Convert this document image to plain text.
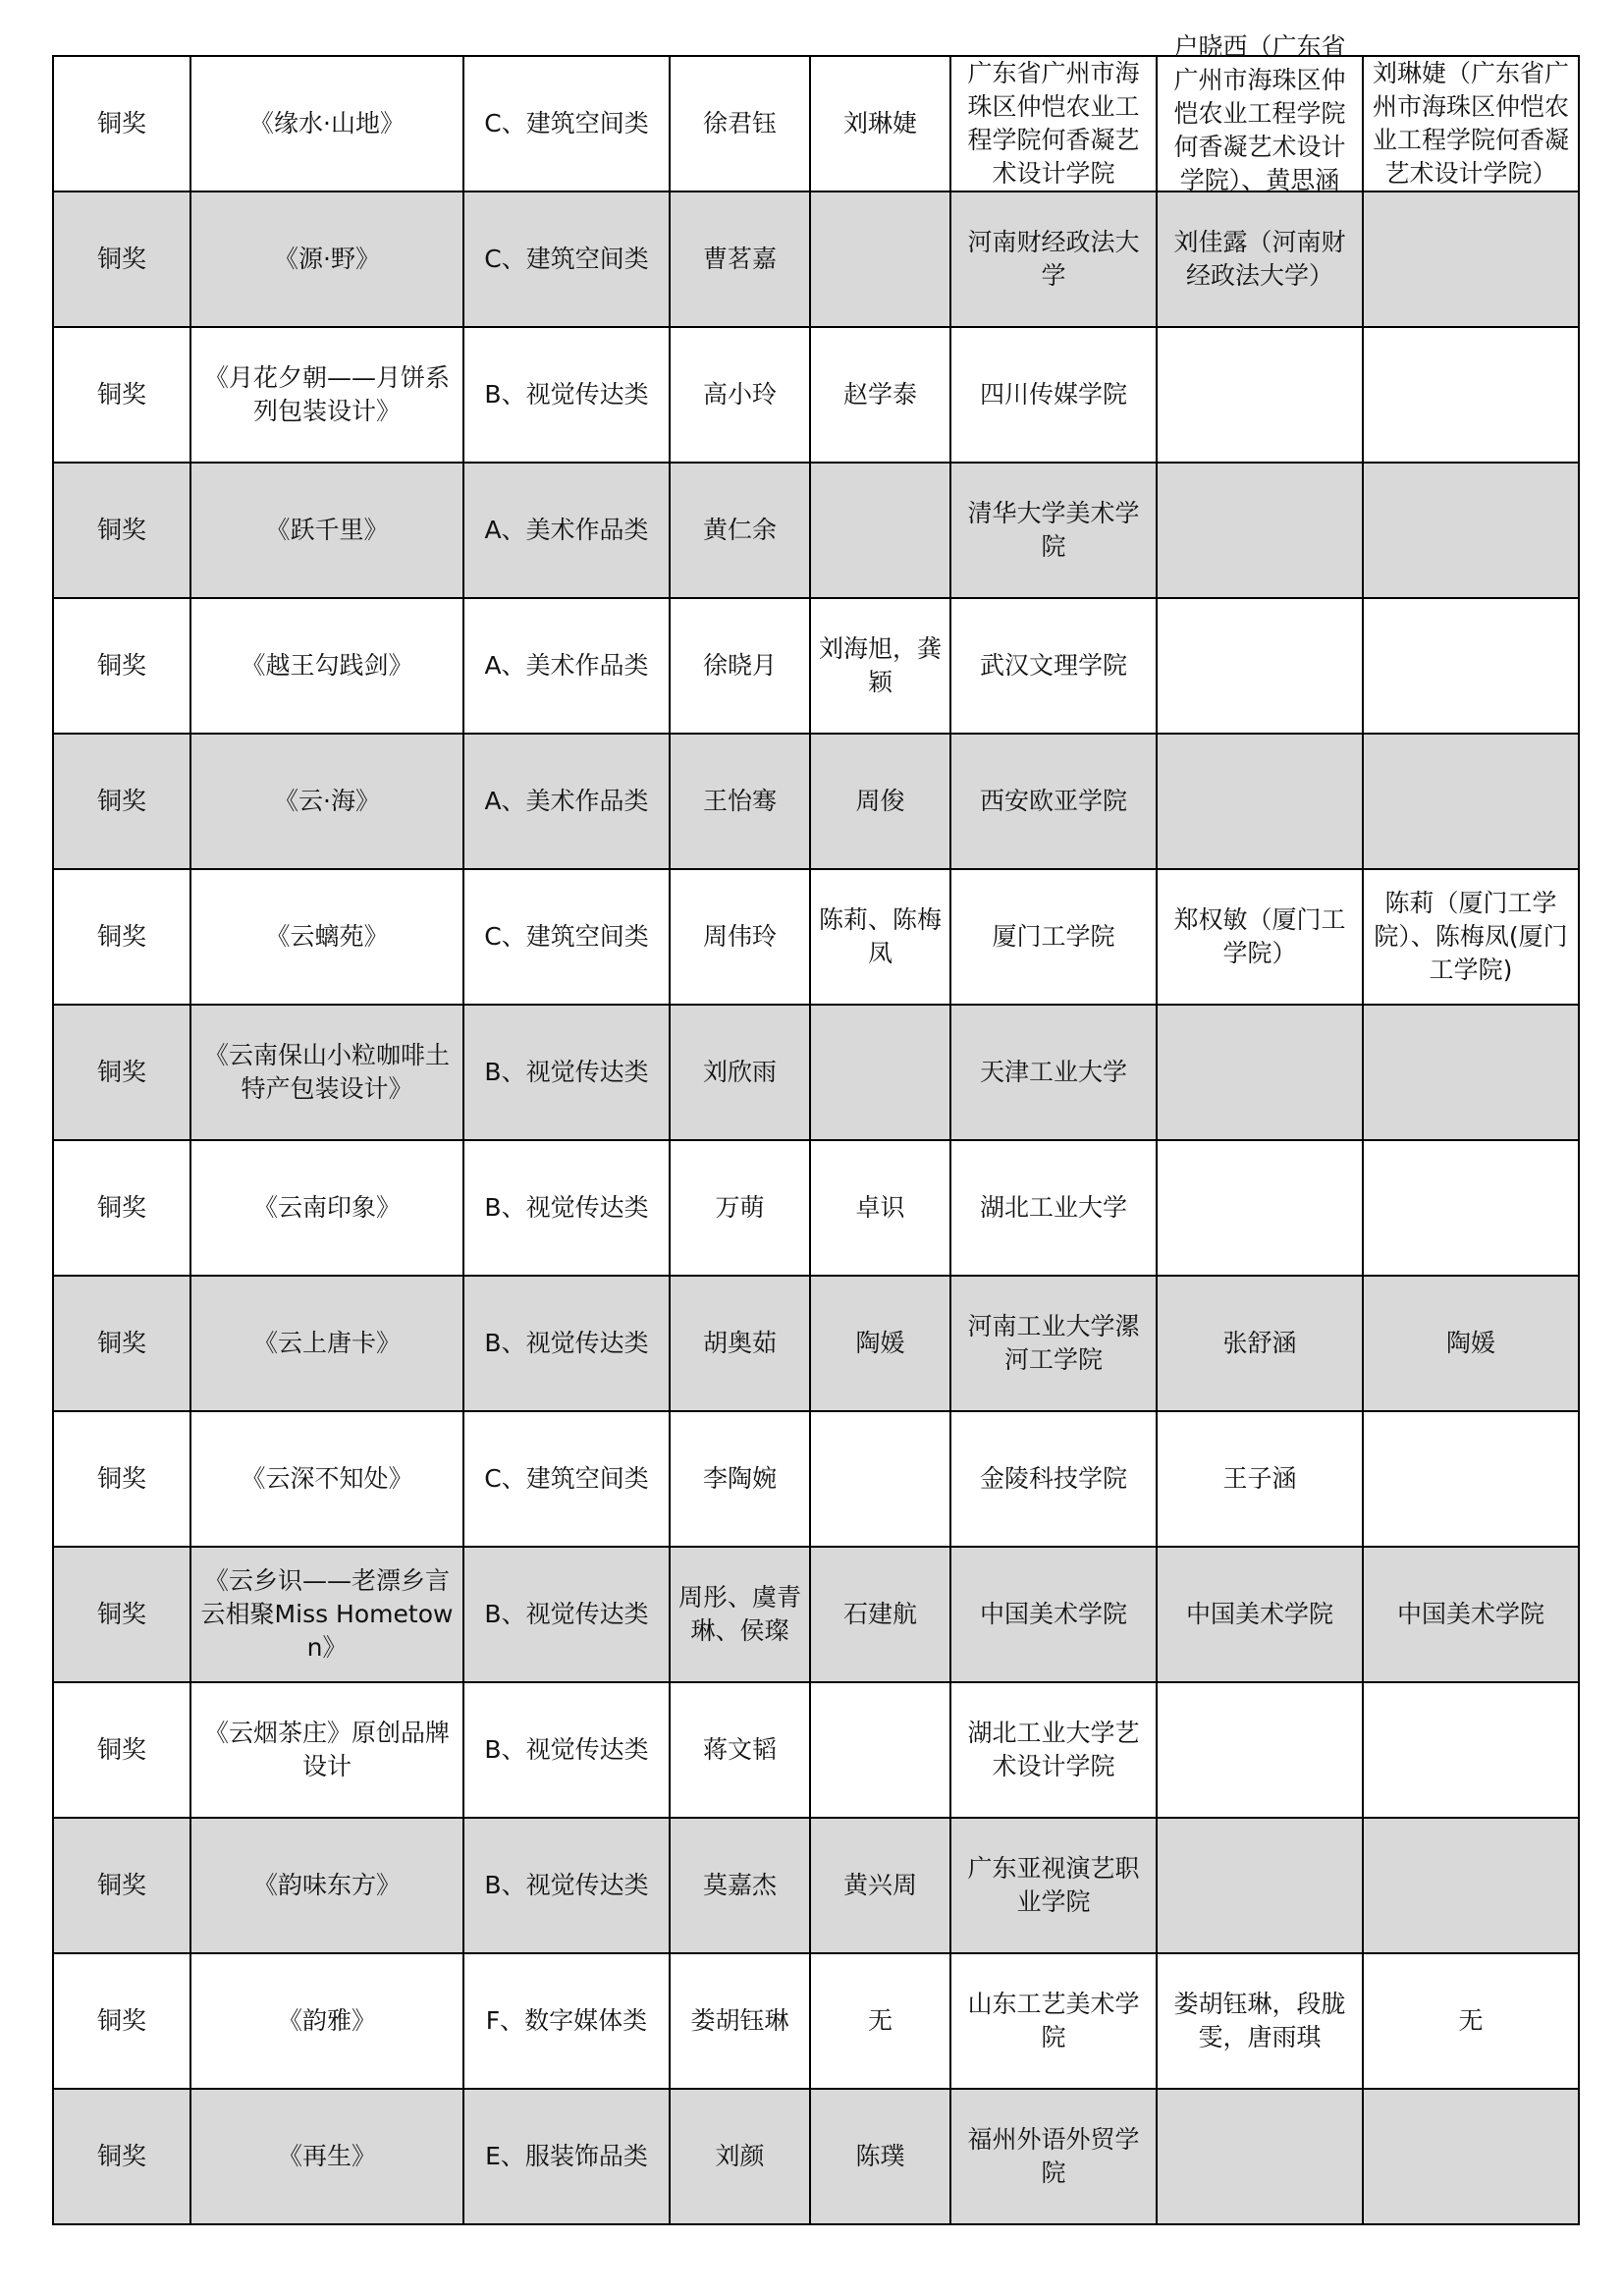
铜奖	《缘水·山地》	C、建筑空间类	徐君钰	刘琳婕	广东省广州市海珠区仲恺农业工程学院何香凝艺术设计学院	户晓西（广东省广州市海珠区仲恺农业工程学院何香凝艺术设计学院）、黄思涵	刘琳婕（广东省广州市海珠区仲恺农业工程学院何香凝艺术设计学院）
铜奖	《源·野》	C、建筑空间类	曹茗嘉		河南财经政法大学	刘佳露（河南财经政法大学）	
铜奖	《月花夕朝——月饼系列包装设计》	B、视觉传达类	高小玲	赵学泰	四川传媒学院		
铜奖	《跃千里》	A、美术作品类	黄仁余		清华大学美术学院		
铜奖	《越王勾践剑》	A、美术作品类	徐晓月	刘海旭，龚颖	武汉文理学院		
铜奖	《云·海》	A、美术作品类	王怡骞	周俊	西安欧亚学院		
铜奖	《云螭苑》	C、建筑空间类	周伟玲	陈莉、陈梅凤	厦门工学院	郑权敏（厦门工学院）	陈莉（厦门工学院）、陈梅凤(厦门工学院)
铜奖	《云南保山小粒咖啡土特产包装设计》	B、视觉传达类	刘欣雨		天津工业大学		
铜奖	《云南印象》	B、视觉传达类	万萌	卓识	湖北工业大学		
铜奖	《云上唐卡》	B、视觉传达类	胡奥茹	陶媛	河南工业大学漯河工学院	张舒涵	陶媛
铜奖	《云深不知处》	C、建筑空间类	李陶婉		金陵科技学院	王子涵	
铜奖	《云乡识——老漂乡言云相聚Miss Hometown》	B、视觉传达类	周彤、虞青琳、侯璨	石建航	中国美术学院	中国美术学院	中国美术学院
铜奖	《云烟茶庄》原创品牌设计	B、视觉传达类	蒋文韬		湖北工业大学艺术设计学院		
铜奖	《韵味东方》	B、视觉传达类	莫嘉杰	黄兴周	广东亚视演艺职业学院		
铜奖	《韵雅》	F、数字媒体类	娄胡钰琳	无	山东工艺美术学院	娄胡钰琳，段胧雯，唐雨琪	无
铜奖	《再生》	E、服装饰品类	刘颜	陈璞	福州外语外贸学院		
